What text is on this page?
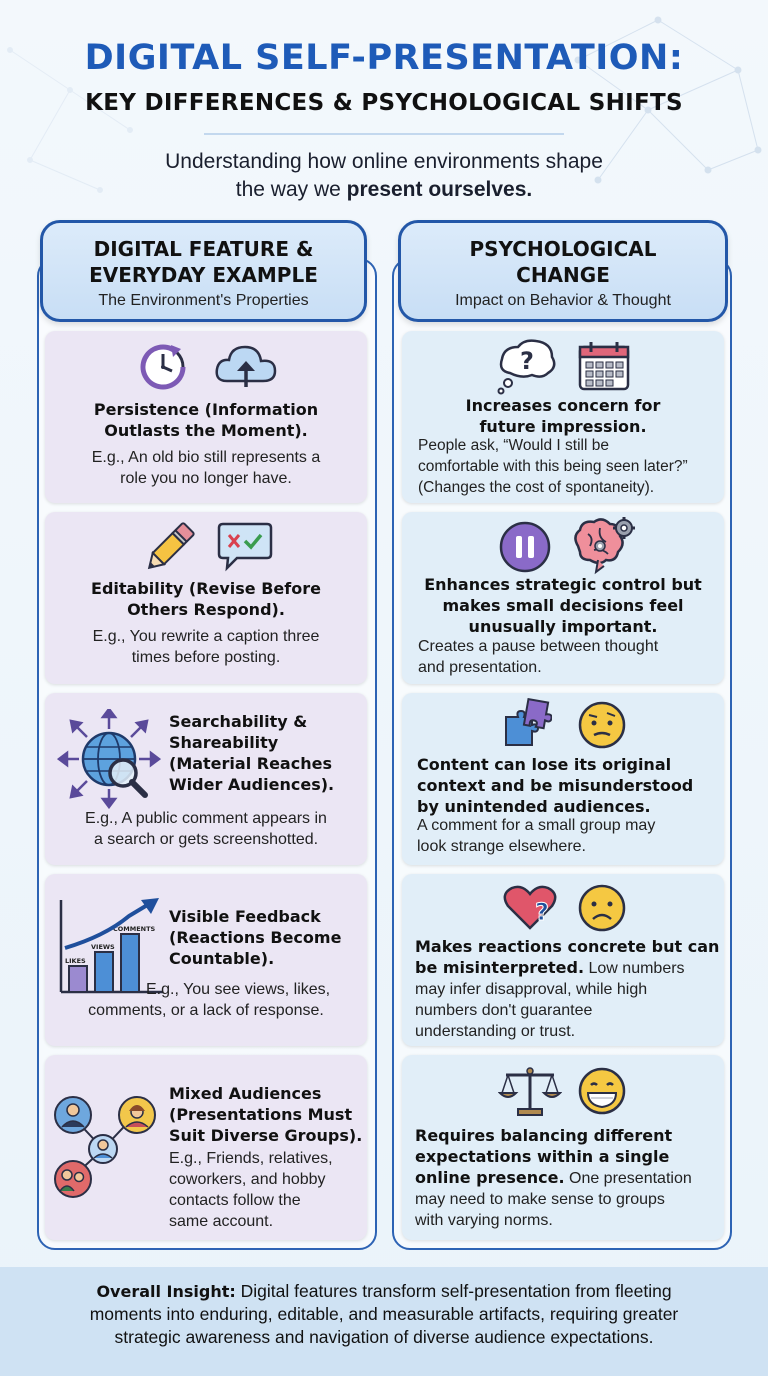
DIGITAL SELF-PRESENTATION:
KEY DIFFERENCES & PSYCHOLOGICAL SHIFTS
Understanding how online environments shape
the way we present ourselves.
DIGITAL FEATURE &
EVERYDAY EXAMPLE
The Environment's Properties
PSYCHOLOGICAL
CHANGE
Impact on Behavior & Thought
Persistence (Information
Outlasts the Moment).
E.g., An old bio still represents a
role you no longer have.
Editability (Revise Before
Others Respond).
E.g., You rewrite a caption three
times before posting.
Searchability &
Shareability
(Material Reaches
Wider Audiences).
E.g., A public comment appears in
a search or gets screenshotted.
LIKES
VIEWS
COMMENTS
Visible Feedback
(Reactions Become
Countable).
E.g., You see views, likes,
comments, or a lack of response.
Mixed Audiences
(Presentations Must
Suit Diverse Groups).
E.g., Friends, relatives,
coworkers, and hobby
contacts follow the
same account.
?
Increases concern for
future impression.
People ask, “Would I still be
comfortable with this being seen later?”
(Changes the cost of spontaneity).
Enhances strategic control but
makes small decisions feel
unusually important.
Creates a pause between thought
and presentation.
Content can lose its original
context and be misunderstood
by unintended audiences.
A comment for a small group may
look strange elsewhere.
?
Makes reactions concrete but can
be misinterpreted. Low numbers
may infer disapproval, while high
numbers don't guarantee
understanding or trust.
Requires balancing different
expectations within a single
online presence. One presentation
may need to make sense to groups
with varying norms.
Overall Insight: Digital features transform self-presentation from fleeting
moments into enduring, editable, and measurable artifacts, requiring greater
strategic awareness and navigation of diverse audience expectations.
